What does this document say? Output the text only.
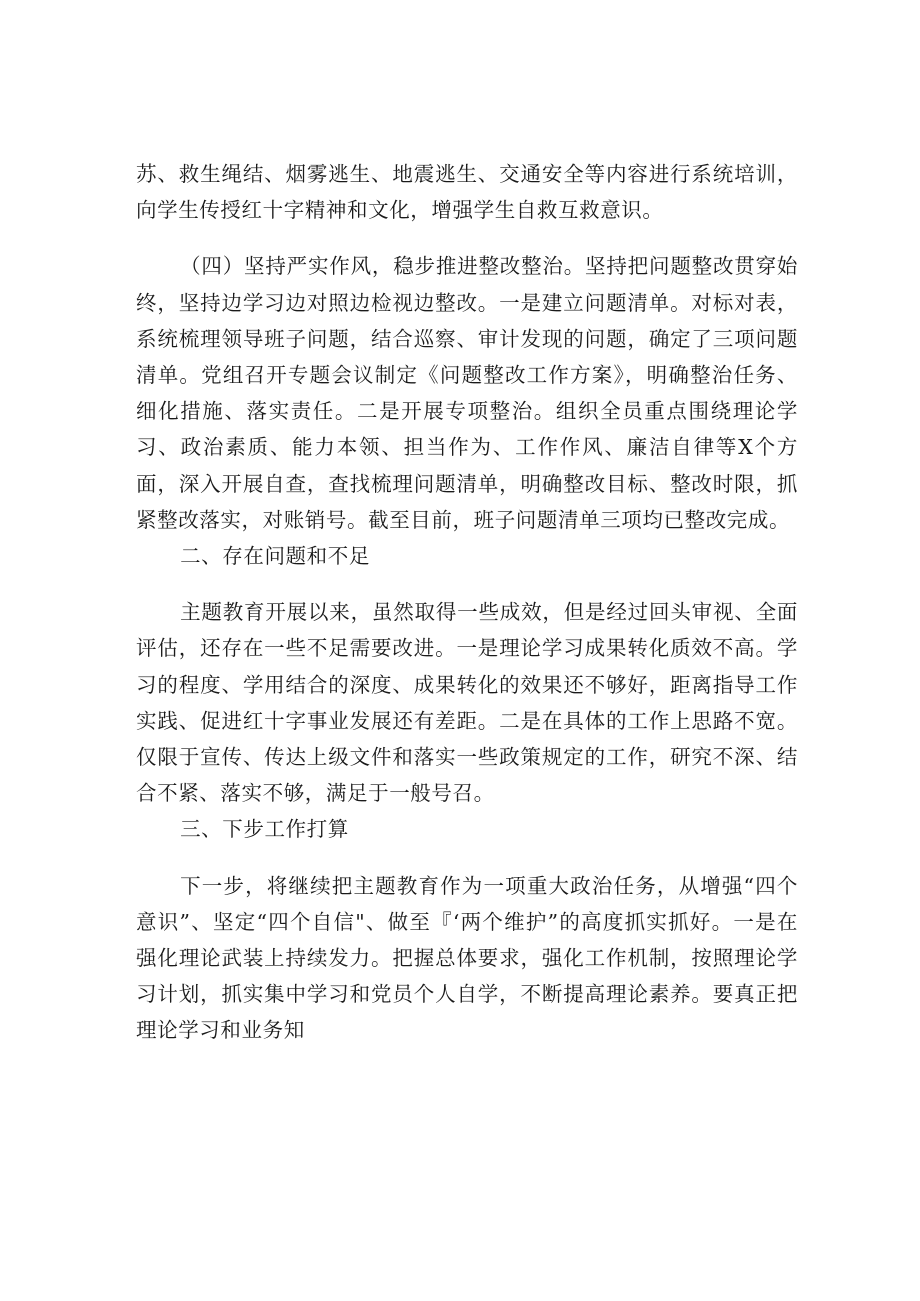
苏、救生绳结、烟雾逃生、地震逃生、交通安全等内容进行系统培训，向学生传授红十字精神和文化，增强学生自救互救意识。

（四）坚持严实作风，稳步推进整改整治。坚持把问题整改贯穿始终，坚持边学习边对照边检视边整改。一是建立问题清单。对标对表，系统梳理领导班子问题，结合巡察、审计发现的问题，确定了三项问题清单。党组召开专题会议制定《问题整改工作方案》，明确整治任务、细化措施、落实责任。二是开展专项整治。组织全员重点围绕理论学习、政治素质、能力本领、担当作为、工作作风、廉洁自律等X个方面，深入开展自查，查找梳理问题清单，明确整改目标、整改时限，抓紧整改落实，对账销号。截至目前，班子问题清单三项均已整改完成。

二、存在问题和不足

主题教育开展以来，虽然取得一些成效，但是经过回头审视、全面评估，还存在一些不足需要改进。一是理论学习成果转化质效不高。学习的程度、学用结合的深度、成果转化的效果还不够好，距离指导工作实践、促进红十字事业发展还有差距。二是在具体的工作上思路不宽。仅限于宣传、传达上级文件和落实一些政策规定的工作，研究不深、结合不紧、落实不够，满足于一般号召。

三、下步工作打算

下一步，将继续把主题教育作为一项重大政治任务，从增强“四个意识”、坚定“四个自信"、做至『‘两个维护”的高度抓实抓好。一是在强化理论武装上持续发力。把握总体要求，强化工作机制，按照理论学习计划，抓实集中学习和党员个人自学，不断提高理论素养。要真正把理论学习和业务知
